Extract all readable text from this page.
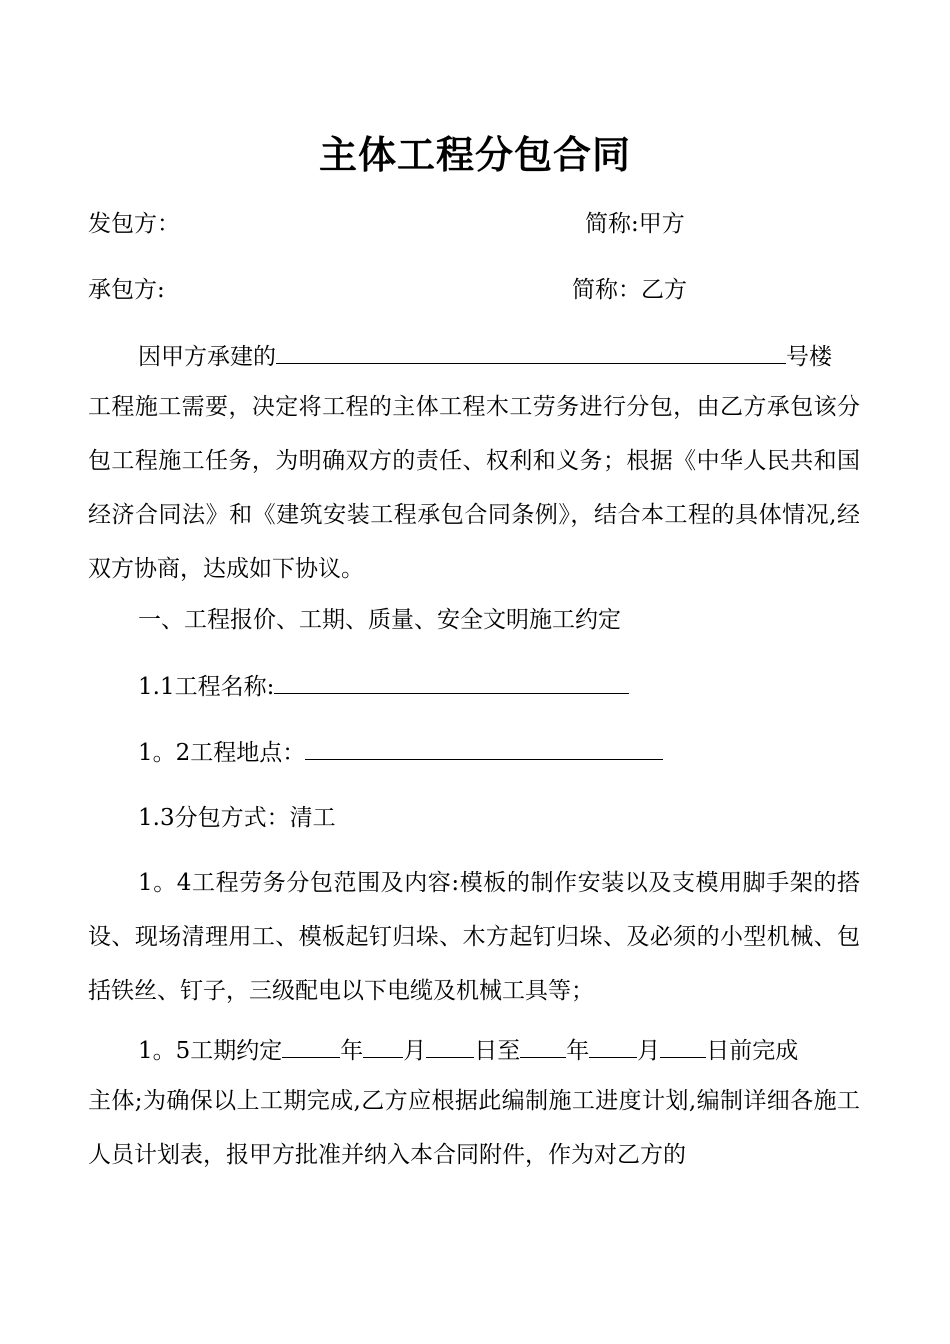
主体工程分包合同
发包方：	简称:甲方
承包方:	简称：乙方
因甲方承建的	号楼
工程施工需要，决定将工程的主体工程木工劳务进行分包，由乙方承包该分包工程施工任务，为明确双方的责任、权利和义务；根据《中华人民共和国经济合同法》和《建筑安装工程承包合同条例》，结合本工程的具体情况,经双方协商，达成如下协议。
一、工程报价、工期、质量、安全文明施工约定
1.1工程名称:
1。2工程地点：
1.3分包方式：清工
1。4工程劳务分包范围及内容:模板的制作安装以及支模用脚手架的搭设、现场清理用工、模板起钉归垛、木方起钉归垛、及必须的小型机械、包括铁丝、钉子，三级配电以下电缆及机械工具等；
1。5工期约定	年 月 日至 年 月 日前完成
主体;为确保以上工期完成,乙方应根据此编制施工进度计划,编制详细各施工人员计划表，报甲方批准并纳入本合同附件，作为对乙方的
